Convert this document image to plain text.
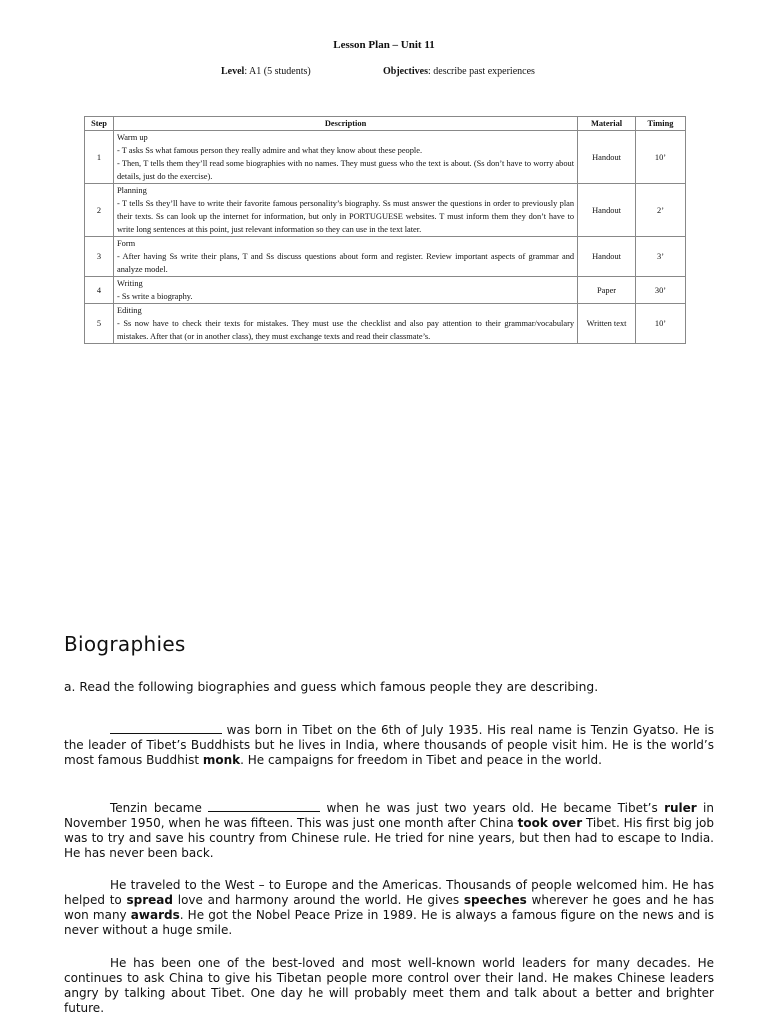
Lesson Plan – Unit 11
Level: A1 (5 students)	Objectives: describe past experiences
Step	Description	Material	Timing
1	Warm up
- T asks Ss what famous person they really admire and what they know about these people.
- Then, T tells them they’ll read some biographies with no names. They must guess who the text is about. (Ss don’t have to worry about details, just do the exercise).	Handout	10’
2	Planning
- T tells Ss they’ll have to write their favorite famous personality’s biography. Ss must answer the questions in order to previously plan their texts. Ss can look up the internet for information, but only in PORTUGUESE websites. T must inform them they don’t have to write long sentences at this point, just relevant information so they can use in the text later.	Handout	2’
3	Form
- After having Ss write their plans, T and Ss discuss questions about form and register. Review important aspects of grammar and analyze model.	Handout	3’
4	Writing
- Ss write a biography.	Paper	30’
5	Editing
- Ss now have to check their texts for mistakes. They must use the checklist and also pay attention to their grammar/vocabulary mistakes. After that (or in another class), they must exchange texts and read their classmate’s.	Written text	10’
Biographies
a. Read the following biographies and guess which famous people they are describing.

was born in Tibet on the 6th of July 1935. His real name is Tenzin Gyatso. He is the leader of Tibet’s Buddhists but he lives in India, where thousands of people visit him. He is the world’s most famous Buddhist monk. He campaigns for freedom in Tibet and peace in the world.

Tenzin became	when he was just two years old. He became Tibet’s ruler in November 1950, when he was fifteen. This was just one month after China took over Tibet. His first big job was to try and save his country from Chinese rule. He tried for nine years, but then had to escape to India. He has never been back.

He traveled to the West – to Europe and the Americas. Thousands of people welcomed him. He has helped to spread love and harmony around the world. He gives speeches wherever he goes and he has won many awards. He got the Nobel Peace Prize in 1989. He is always a famous figure on the news and is never without a huge smile.

He has been one of the best-loved and most well-known world leaders for many decades. He continues to ask China to give his Tibetan people more control over their land. He makes Chinese leaders angry by talking about Tibet. One day he will probably meet them and talk about a better and brighter future.
